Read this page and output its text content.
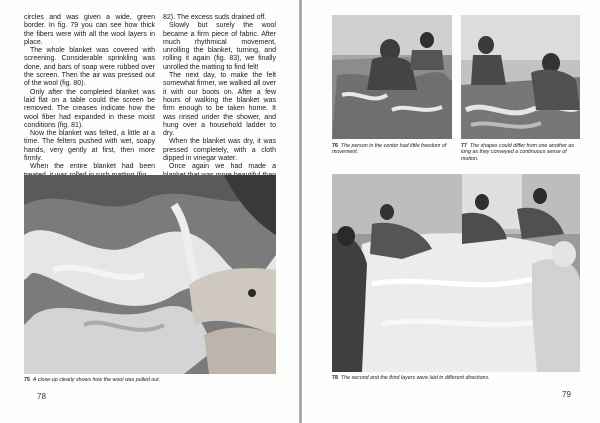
circles and was given a wide, green border. In fig. 79 you can see how thick the fibers were with all the wool layers in place.

The whole blanket was covered with screening. Considerable sprinkling was done, and bars of soap were rubbed over the screen. Then the air was pressed out of the wool (fig. 80).

Only after the completed blanket was laid flat on a table could the screen be removed. The creases indicate how the wool fiber had expanded in these moist conditions (fig. 81).

Now the blanket was felted, a little at a time. The felters pushed with wet, soapy hands, very gently at first, then more firmly.

When the entire blanket had been

82). The excess suds drained off.

Slowly but surely the wool became a firm piece of fabric. After much rhythmical movement, unrolling the blanket, turning, and rolling it again (fig. 83), we finally unrolled the matting to find felt!

The next day, to make the felt somewhat firmer, we walked all over it with our boots on. After a few hours of walking the blanket was firm enough to be taken home. It was rinsed under the shower, and hung over a household ladder to dry.

When the blanket was dry, it was pressed completely, with a cloth dipped in vinegar water.

Once again we had made a

75 A close-up clearly shows how the wool was pulled out.
78
76 The person in the center had little freedom of movement.
77 The shapes could differ from one another as long as they conveyed a continuous sense of motion.
78 The second and the third layers were laid in different directions.
79
